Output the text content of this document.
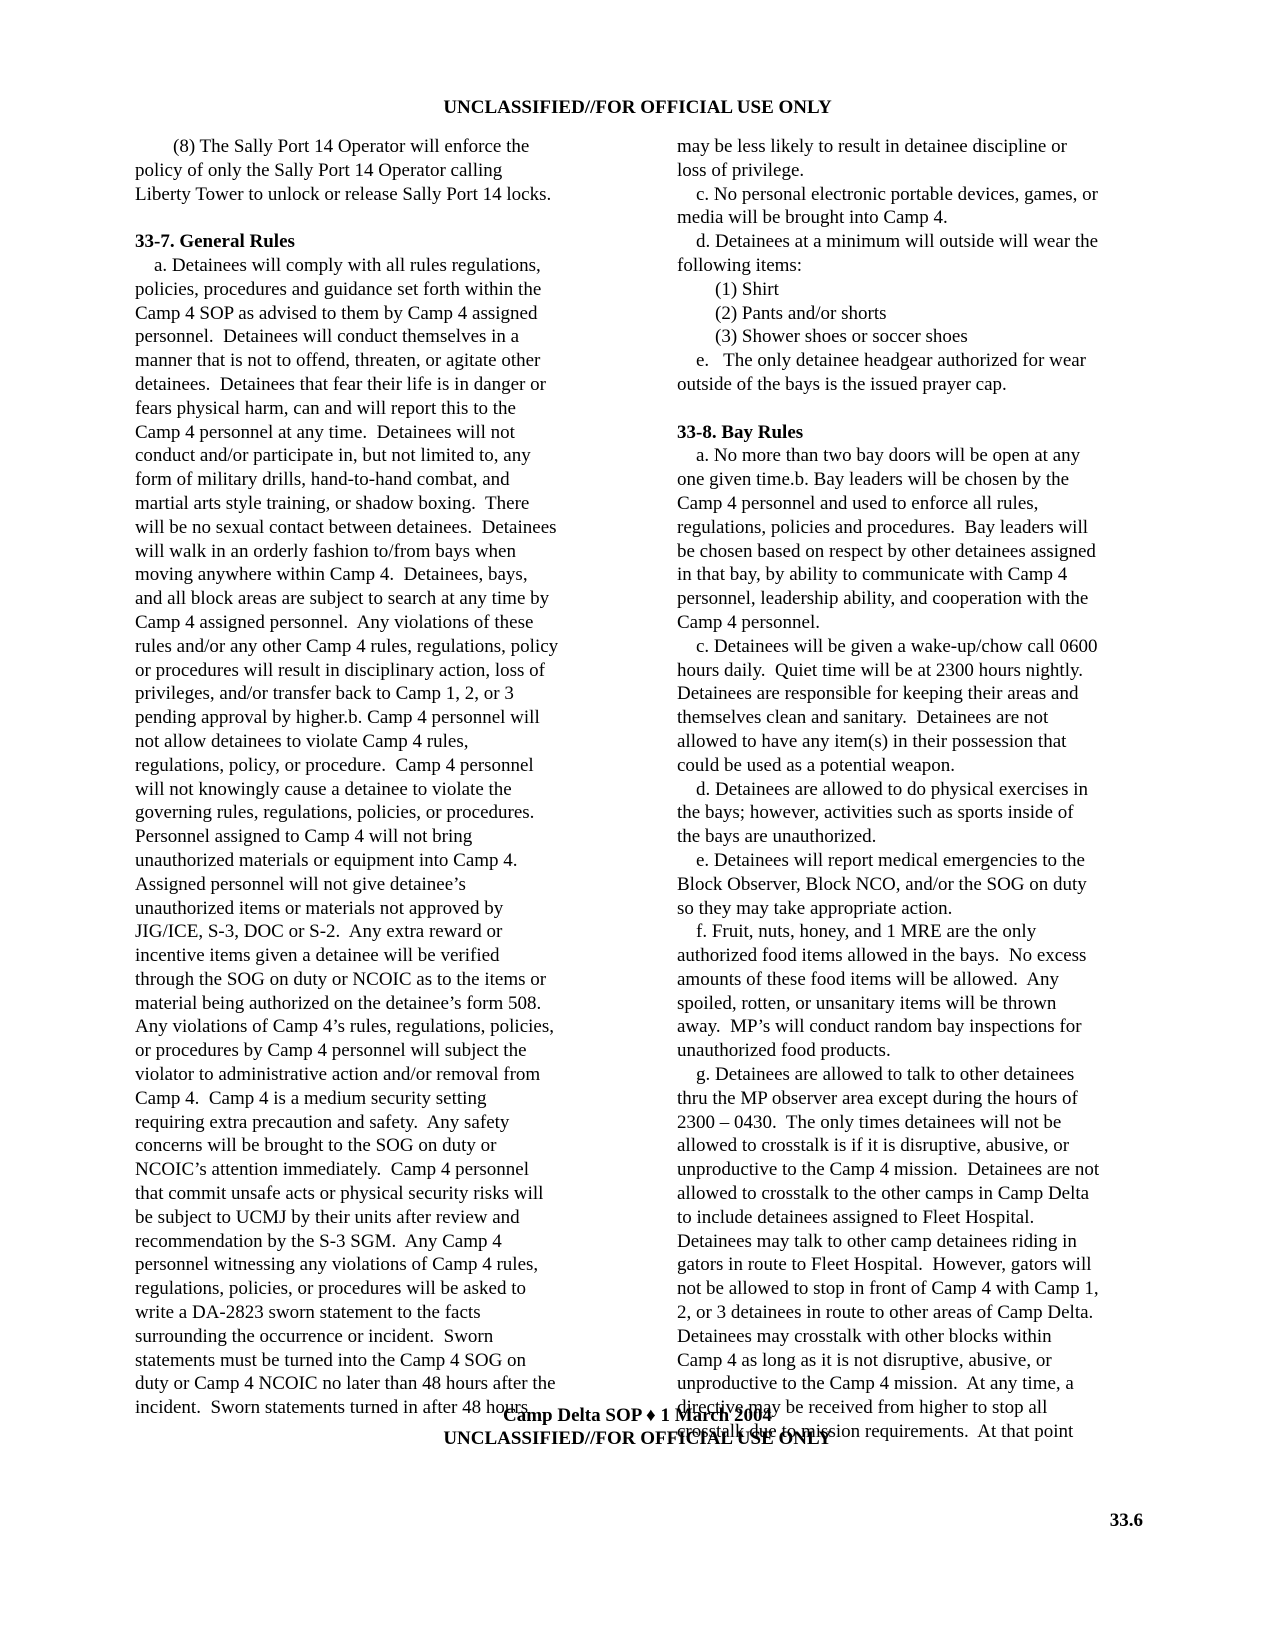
UNCLASSIFIED//FOR OFFICIAL USE ONLY
(8) The Sally Port 14 Operator will enforce the
policy of only the Sally Port 14 Operator calling
Liberty Tower to unlock or release Sally Port 14 locks.
33-7. General Rules
a. Detainees will comply with all rules regulations,
policies, procedures and guidance set forth within the
Camp 4 SOP as advised to them by Camp 4 assigned
personnel.  Detainees will conduct themselves in a
manner that is not to offend, threaten, or agitate other
detainees.  Detainees that fear their life is in danger or
fears physical harm, can and will report this to the
Camp 4 personnel at any time.  Detainees will not
conduct and/or participate in, but not limited to, any
form of military drills, hand-to-hand combat, and
martial arts style training, or shadow boxing.  There
will be no sexual contact between detainees.  Detainees
will walk in an orderly fashion to/from bays when
moving anywhere within Camp 4.  Detainees, bays,
and all block areas are subject to search at any time by
Camp 4 assigned personnel.  Any violations of these
rules and/or any other Camp 4 rules, regulations, policy
or procedures will result in disciplinary action, loss of
privileges, and/or transfer back to Camp 1, 2, or 3
pending approval by higher.b. Camp 4 personnel will
not allow detainees to violate Camp 4 rules,
regulations, policy, or procedure.  Camp 4 personnel
will not knowingly cause a detainee to violate the
governing rules, regulations, policies, or procedures.
Personnel assigned to Camp 4 will not bring
unauthorized materials or equipment into Camp 4.
Assigned personnel will not give detainee’s
unauthorized items or materials not approved by
JIG/ICE, S-3, DOC or S-2.  Any extra reward or
incentive items given a detainee will be verified
through the SOG on duty or NCOIC as to the items or
material being authorized on the detainee’s form 508.
Any violations of Camp 4’s rules, regulations, policies,
or procedures by Camp 4 personnel will subject the
violator to administrative action and/or removal from
Camp 4.  Camp 4 is a medium security setting
requiring extra precaution and safety.  Any safety
concerns will be brought to the SOG on duty or
NCOIC’s attention immediately.  Camp 4 personnel
that commit unsafe acts or physical security risks will
be subject to UCMJ by their units after review and
recommendation by the S-3 SGM.  Any Camp 4
personnel witnessing any violations of Camp 4 rules,
regulations, policies, or procedures will be asked to
write a DA-2823 sworn statement to the facts
surrounding the occurrence or incident.  Sworn
statements must be turned into the Camp 4 SOG on
duty or Camp 4 NCOIC no later than 48 hours after the
incident.  Sworn statements turned in after 48 hours
may be less likely to result in detainee discipline or
loss of privilege.
c. No personal electronic portable devices, games, or
media will be brought into Camp 4.
d. Detainees at a minimum will outside will wear the
following items:
(1) Shirt
(2) Pants and/or shorts
(3) Shower shoes or soccer shoes
e.   The only detainee headgear authorized for wear
outside of the bays is the issued prayer cap.
33-8. Bay Rules
a. No more than two bay doors will be open at any
one given time.b. Bay leaders will be chosen by the
Camp 4 personnel and used to enforce all rules,
regulations, policies and procedures.  Bay leaders will
be chosen based on respect by other detainees assigned
in that bay, by ability to communicate with Camp 4
personnel, leadership ability, and cooperation with the
Camp 4 personnel.
c. Detainees will be given a wake-up/chow call 0600
hours daily.  Quiet time will be at 2300 hours nightly.
Detainees are responsible for keeping their areas and
themselves clean and sanitary.  Detainees are not
allowed to have any item(s) in their possession that
could be used as a potential weapon.
d. Detainees are allowed to do physical exercises in
the bays; however, activities such as sports inside of
the bays are unauthorized.
e. Detainees will report medical emergencies to the
Block Observer, Block NCO, and/or the SOG on duty
so they may take appropriate action.
f. Fruit, nuts, honey, and 1 MRE are the only
authorized food items allowed in the bays.  No excess
amounts of these food items will be allowed.  Any
spoiled, rotten, or unsanitary items will be thrown
away.  MP’s will conduct random bay inspections for
unauthorized food products.
g. Detainees are allowed to talk to other detainees
thru the MP observer area except during the hours of
2300 – 0430.  The only times detainees will not be
allowed to crosstalk is if it is disruptive, abusive, or
unproductive to the Camp 4 mission.  Detainees are not
allowed to crosstalk to the other camps in Camp Delta
to include detainees assigned to Fleet Hospital.
Detainees may talk to other camp detainees riding in
gators in route to Fleet Hospital.  However, gators will
not be allowed to stop in front of Camp 4 with Camp 1,
2, or 3 detainees in route to other areas of Camp Delta.
Detainees may crosstalk with other blocks within
Camp 4 as long as it is not disruptive, abusive, or
unproductive to the Camp 4 mission.  At any time, a
directive may be received from higher to stop all
crosstalk due to mission requirements.  At that point
Camp Delta SOP ♦ 1 March 2004
UNCLASSIFIED//FOR OFFICIAL USE ONLY
33.6
